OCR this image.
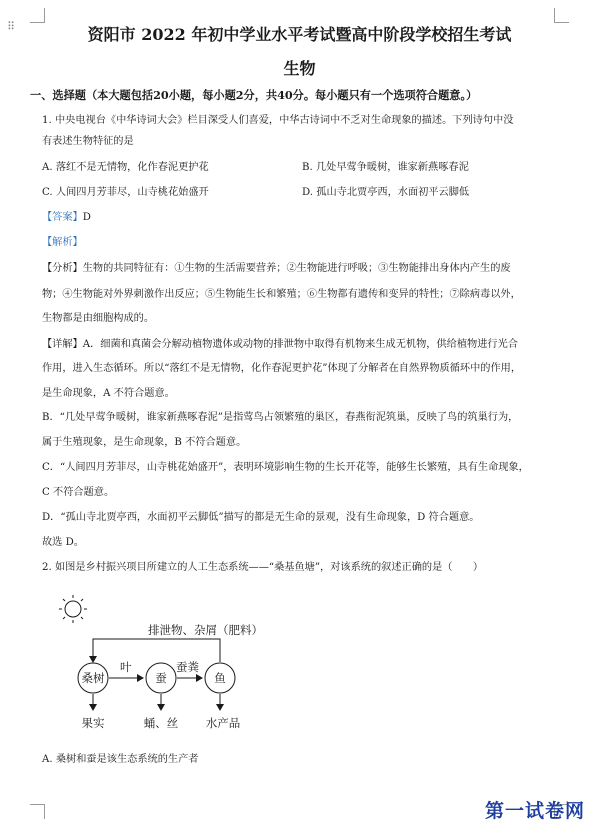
⠿	资阳市 2022 年初中学业水平考试暨高中阶段学校招生考试
生物
一、选择题（本大题包括20小题，每小题2分，共40分。每小题只有一个选项符合题意。）
1. 中央电视台《中华诗词大会》栏目深受人们喜爱，中华古诗词中不乏对生命现象的描述。下列诗句中没
有表述生物特征的是
A. 落红不是无情物，化作春泥更护花	B. 几处早莺争暖树，谁家新燕啄春泥
C. 人间四月芳菲尽，山寺桃花始盛开	D. 孤山寺北贾亭西，水面初平云脚低
【答案】D
【解析】
【分析】生物的共同特征有：①生物的生活需要营养；②生物能进行呼吸；③生物能排出身体内产生的废
物；④生物能对外界刺激作出反应；⑤生物能生长和繁殖；⑥生物都有遗传和变异的特性；⑦除病毒以外，
生物都是由细胞构成的。
【详解】A．细菌和真菌会分解动植物遗体或动物的排泄物中取得有机物来生成无机物，供给植物进行光合
作用，进入生态循环。所以“落红不是无情物，化作春泥更护花”体现了分解者在自然界物质循环中的作用，
是生命现象，A 不符合题意。
B．“几处早莺争暖树，谁家新燕啄春泥”是指莺鸟占领繁殖的巢区，春燕衔泥筑巢，反映了鸟的筑巢行为，
属于生殖现象，是生命现象，B 不符合题意。
C．“人间四月芳菲尽，山寺桃花始盛开”，表明环境影响生物的生长开花等，能够生长繁殖，具有生命现象，
C 不符合题意。
D．“孤山寺北贾亭西，水面初平云脚低”描写的都是无生命的景观，没有生命现象，D 符合题意。
故选 D。
2. 如图是乡村振兴项目所建立的人工生态系统——“桑基鱼塘”，对该系统的叙述正确的是（　　）
排泄物、杂屑（肥料）
桑树	蚕	鱼
叶	蚕粪
果实	蛹、丝 水产品
A. 桑树和蚕是该生态系统的生产者
第一试卷网
